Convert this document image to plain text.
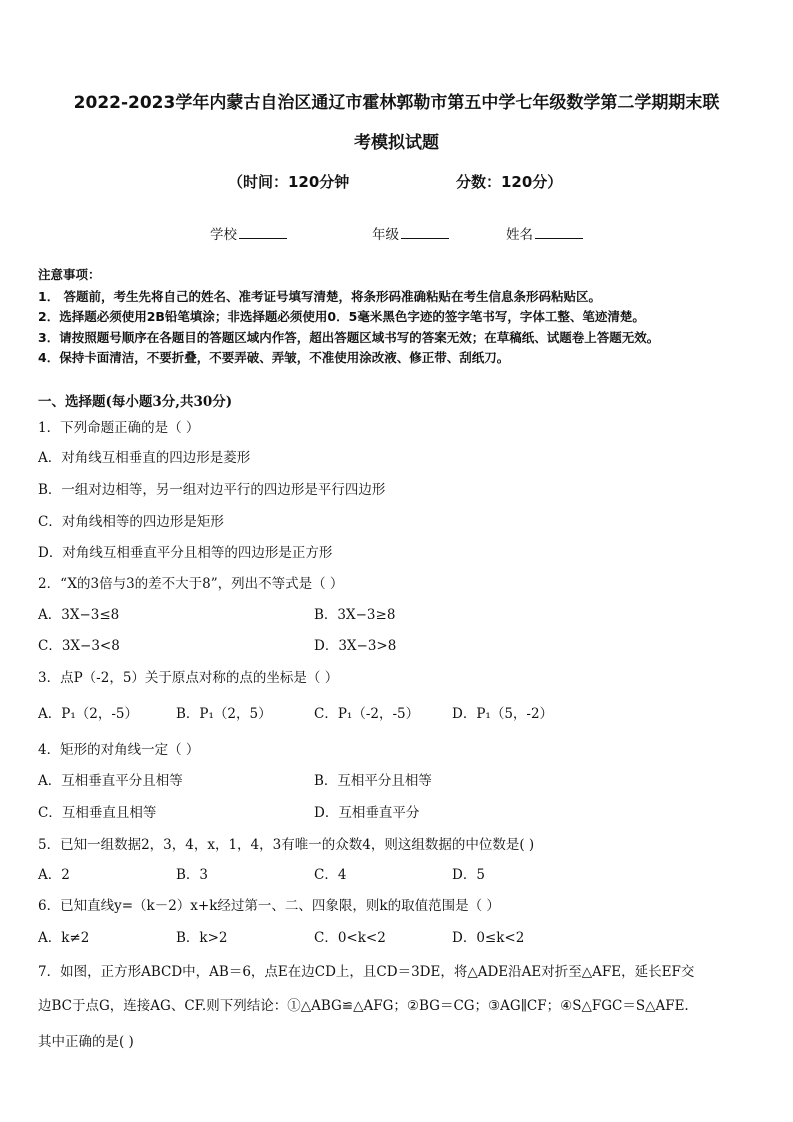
2022-2023学年内蒙古自治区通辽市霍林郭勒市第五中学七年级数学第二学期期末联
考模拟试题
（时间：120分钟	分数：120分）
学校	年级	姓名
注意事项：
1． 答题前，考生先将自己的姓名、准考证号填写清楚，将条形码准确粘贴在考生信息条形码粘贴区。
2．选择题必须使用2B铅笔填涂；非选择题必须使用0．5毫米黑色字迹的签字笔书写，字体工整、笔迹清楚。
3．请按照题号顺序在各题目的答题区域内作答，超出答题区域书写的答案无效；在草稿纸、试题卷上答题无效。
4．保持卡面清洁，不要折叠，不要弄破、弄皱，不准使用涂改液、修正带、刮纸刀。
一、选择题(每小题3分,共30分)
1．下列命题正确的是（ ）
A．对角线互相垂直的四边形是菱形
B．一组对边相等，另一组对边平行的四边形是平行四边形
C．对角线相等的四边形是矩形
D．对角线互相垂直平分且相等的四边形是正方形
2．“X的3倍与3的差不大于8”，列出不等式是（ ）
A．3X−3≤8	B．3X−3≥8
C．3X−3<8	D．3X−3>8
3．点P（-2，5）关于原点对称的点的坐标是（ ）
A．P₁（2，-5）	B．P₁（2，5）	C．P₁（-2，-5） D．P₁（5，-2）
4．矩形的对角线一定（ ）
A．互相垂直平分且相等	B．互相平分且相等
C．互相垂直且相等	D．互相垂直平分
5．已知一组数据2，3，4，x，1，4，3有唯一的众数4，则这组数据的中位数是( )
A．2	B．3	C．4	D．5
6．已知直线y=（k－2）x+k经过第一、二、四象限，则k的取值范围是（ ）
A．k≠2	B．k>2	C．0<k<2	D．0≤k<2
7．如图，正方形ABCD中，AB＝6，点E在边CD上，且CD＝3DE，将△ADE沿AE对折至△AFE，延长EF交
边BC于点G，连接AG、CF.则下列结论：①△ABG≌△AFG；②BG＝CG；③AG∥CF；④S△FGC＝S△AFE.
其中正确的是( )
